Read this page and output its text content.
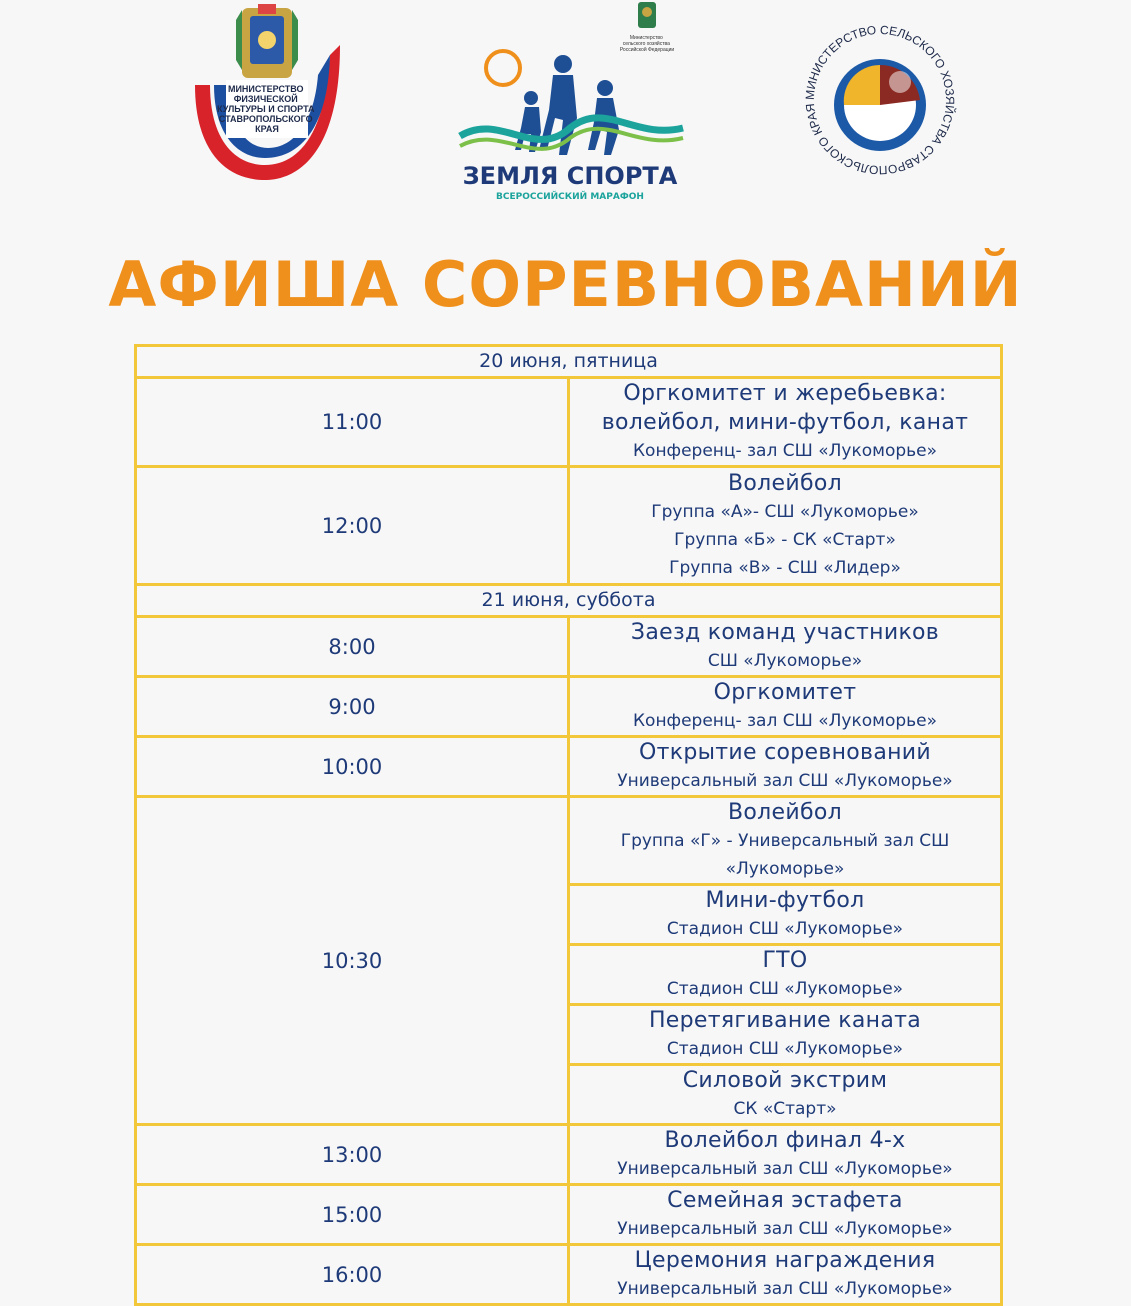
МИНИСТЕРСТВО ФИЗИЧЕСКОЙ КУЛЬТУРЫ И СПОРТА СТАВРОПОЛЬСКОГО КРАЯ
Министерство сельского хозяйства Российской Федерации
ЗЕМЛЯ СПОРТА
ВСЕРОССИЙСКИЙ МАРАФОН
МИНИСТЕРСТВО СЕЛЬСКОГО ХОЗЯЙСТВА СТАВРОПОЛЬСКОГО КРАЯ
АФИША СОРЕВНОВАНИЙ
20 июня, пятница	
11:00	Оргкомитет и жеребьевка: волейбол, мини-футбол, канат
Конференц- зал СШ «Лукоморье»

12:00	Волейбол
Группа «А»- СШ «Лукоморье»
Группа «Б» - СК «Старт»
Группа «В» - СШ «Лидер»

21 июня, суббота	
8:00	Заезд команд участников
СШ «Лукоморье»

9:00	Оргкомитет
Конференц- зал СШ «Лукоморье»

10:00	Открытие соревнований
Универсальный зал СШ «Лукоморье»

10:30	Волейбол
Группа «Г» - Универсальный зал СШ «Лукоморье»

	Мини-футбол
Стадион СШ «Лукоморье»

	ГТО
Стадион СШ «Лукоморье»

	Перетягивание каната
Стадион СШ «Лукоморье»

	Силовой экстрим
СК «Старт»

13:00	Волейбол финал 4-х
Универсальный зал СШ «Лукоморье»

15:00	Семейная эстафета
Универсальный зал СШ «Лукоморье»

16:00	Церемония награждения
Универсальный зал СШ «Лукоморье»
